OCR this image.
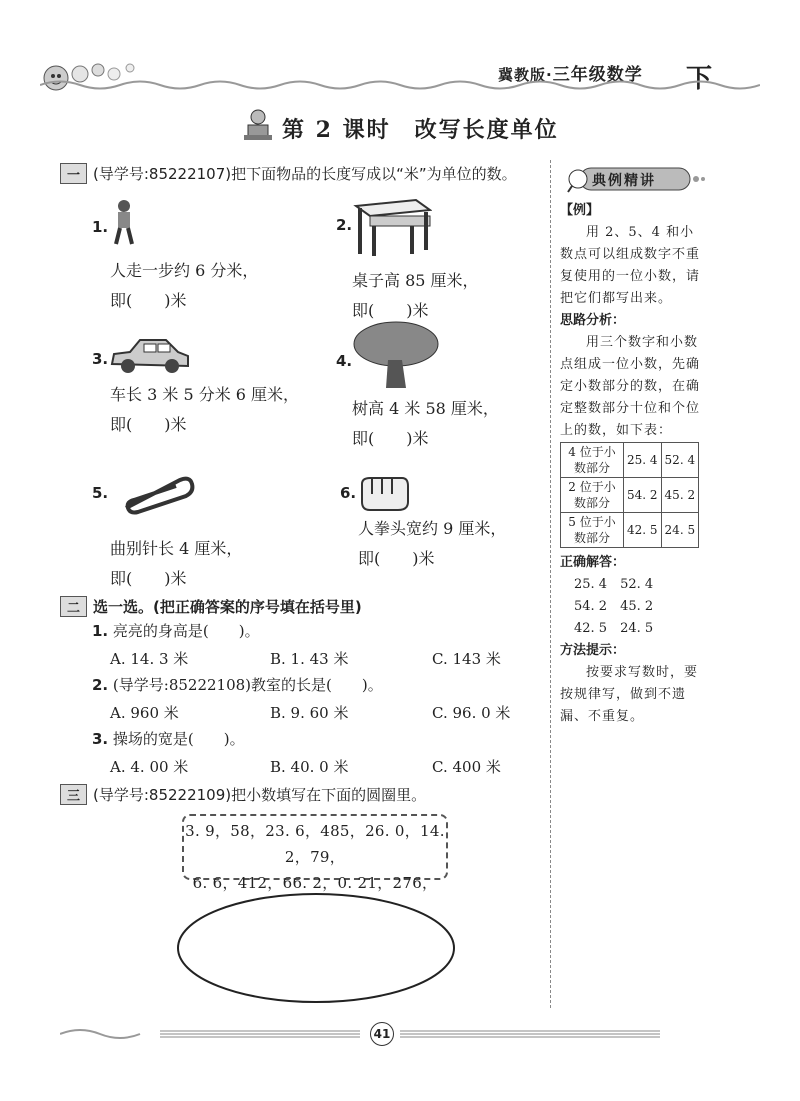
冀教版·三年级数学 下
第 2 课时　改写长度单位
一 (导学号:85222107)把下面物品的长度写成以“米”为单位的数。
1.
人走一步约 6 分米，
即(　　)米
2.
桌子高 85 厘米，
即(　　)米
3.
车长 3 米 5 分米 6 厘米，
即(　　)米
4.
树高 4 米 58 厘米，
即(　　)米
5.
曲别针长 4 厘米，
即(　　)米
6.
人拳头宽约 9 厘米，
即(　　)米
二 选一选。(把正确答案的序号填在括号里)
1. 亮亮的身高是(　　)。
A. 14. 3 米	B. 1. 43 米	C. 143 米
2. (导学号:85222108)教室的长是(　　)。
A. 960 米	B. 9. 60 米	C. 96. 0 米
3. 操场的宽是(　　)。
A. 4. 00 米	B. 40. 0 米	C. 400 米
三 (导学号:85222109)把小数填写在下面的圆圈里。
3. 9，58，23. 6，485，26. 0，14. 2，79，
6. 6，412，66. 2，0. 21，276，
典例精讲
【例】
用 2、5、4 和小数点可以组成数字不重复使用的一位小数，请把它们都写出来。
思路分析：
用三个数字和小数点组成一位小数，先确定小数部分的数，在确定整数部分十位和个位上的数，如下表：
4 位于小数部分	25. 4	52. 4
2 位于小数部分	54. 2	45. 2
5 位于小数部分	42. 5	24. 5
正确解答：
25. 4　52. 4
54. 2　45. 2
42. 5　24. 5
方法提示：
按要求写数时，要按规律写，做到不遗漏、不重复。
41
